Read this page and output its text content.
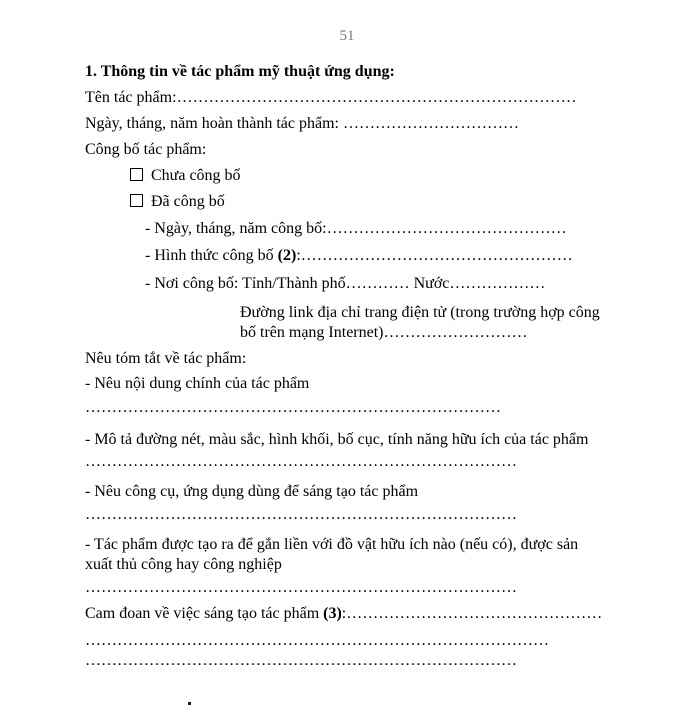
51
1. Thông tin về tác phẩm mỹ thuật ứng dụng:
Tên tác phẩm:…………………………………………………………………
Ngày, tháng, năm hoàn thành tác phẩm: ……………………………
Công bố tác phẩm:
Chưa công bố
Đã công bố
- Ngày, tháng, năm công bố:………………………………………
- Hình thức công bố (2):……………………………………………
- Nơi công bố: Tỉnh/Thành phố………… Nước………………
Đường link địa chỉ trang điện tử (trong trường hợp công
bố trên mạng Internet)………………………
Nêu tóm tắt về tác phẩm:
- Nêu nội dung chính của tác phẩm
……………………………………………………………………
- Mô tả đường nét, màu sắc, hình khối, bố cục, tính năng hữu ích của tác phẩm
………………………………………………………………………
- Nêu công cụ, ứng dụng dùng để sáng tạo tác phẩm
………………………………………………………………………
- Tác phẩm được tạo ra để gắn liền với đồ vật hữu ích nào (nếu có), được sản
xuất thủ công hay công nghiệp
………………………………………………………………………
Cam đoan về việc sáng tạo tác phẩm (3):…………………………………………
……………………………………………………………………………
………………………………………………………………………
